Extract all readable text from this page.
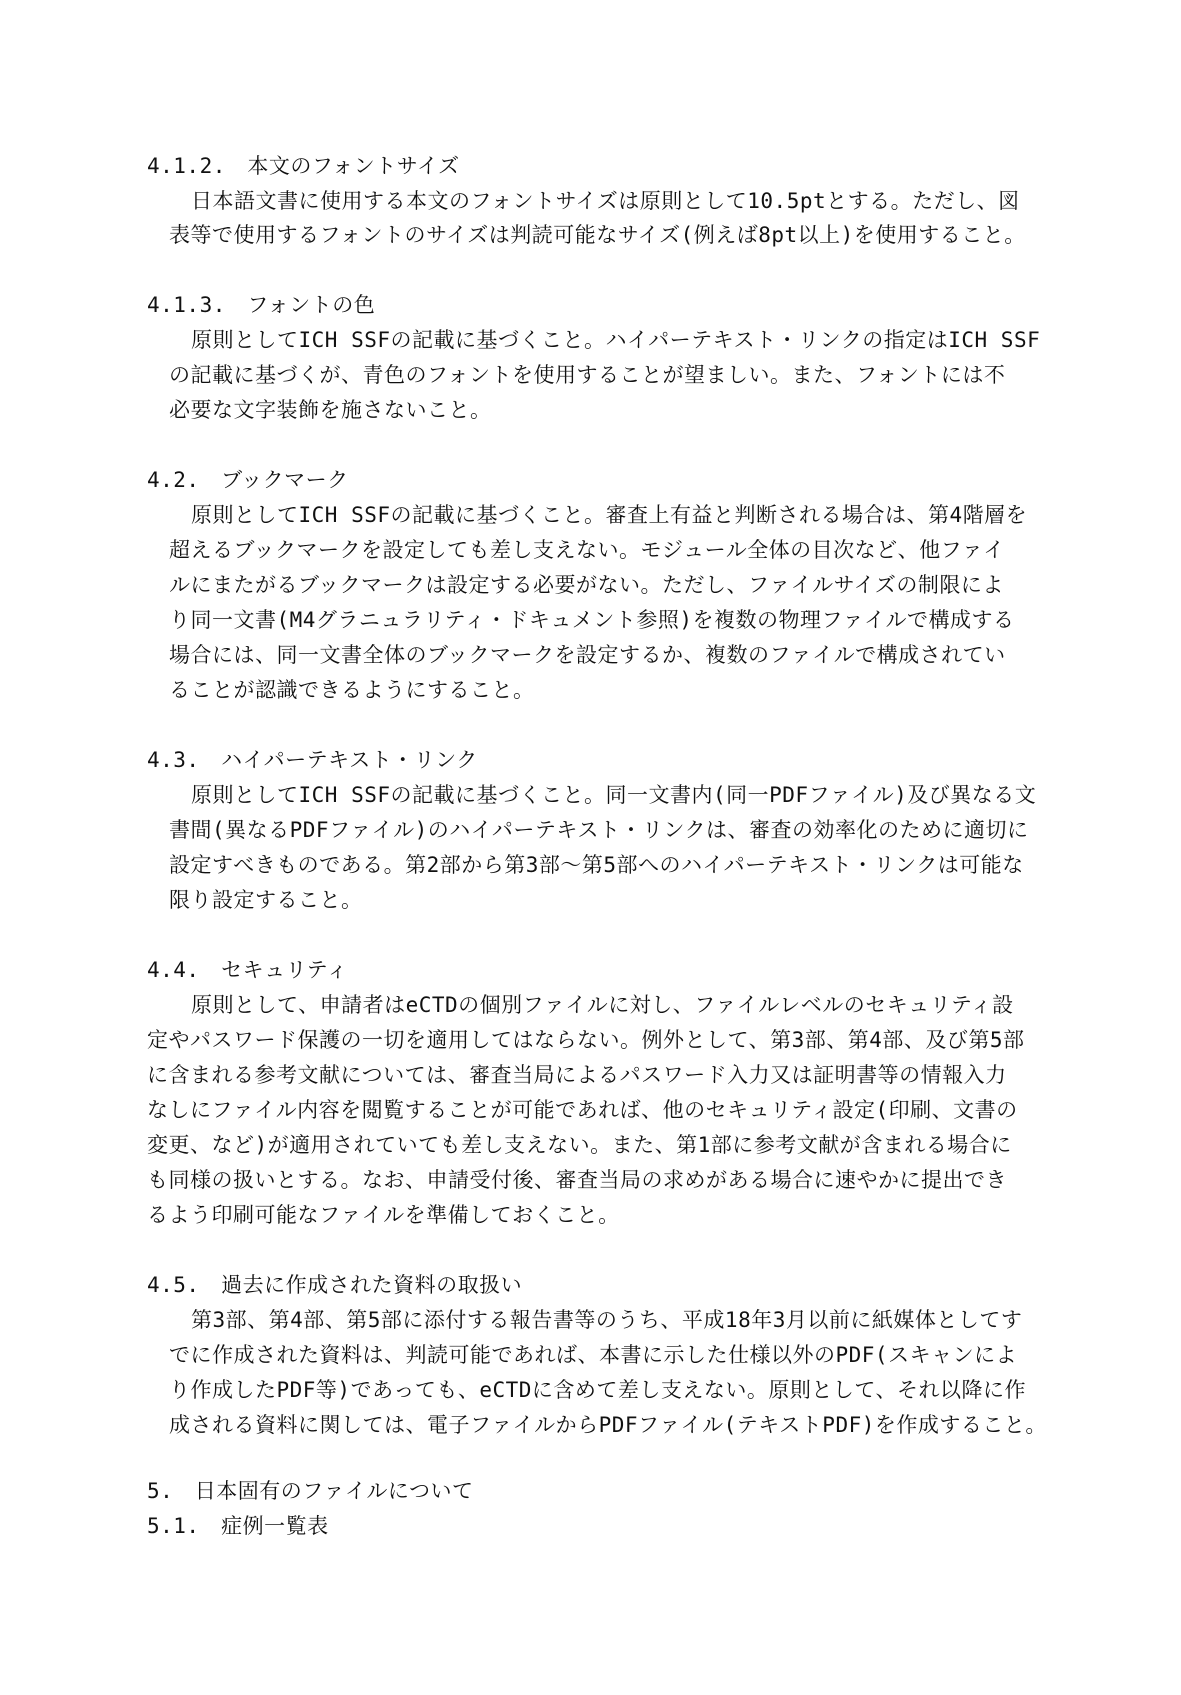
4.1.2.　本文のフォントサイズ
日本語文書に使用する本文のフォントサイズは原則として10.5ptとする。ただし、図
表等で使用するフォントのサイズは判読可能なサイズ(例えば8pt以上)を使用すること。
4.1.3.　フォントの色
原則としてICH SSFの記載に基づくこと。ハイパーテキスト・リンクの指定はICH SSF
の記載に基づくが、青色のフォントを使用することが望ましい。また、フォントには不
必要な文字装飾を施さないこと。
4.2.　ブックマーク
原則としてICH SSFの記載に基づくこと。審査上有益と判断される場合は、第4階層を
超えるブックマークを設定しても差し支えない。モジュール全体の目次など、他ファイ
ルにまたがるブックマークは設定する必要がない。ただし、ファイルサイズの制限によ
り同一文書(M4グラニュラリティ・ドキュメント参照)を複数の物理ファイルで構成する
場合には、同一文書全体のブックマークを設定するか、複数のファイルで構成されてい
ることが認識できるようにすること。
4.3.　ハイパーテキスト・リンク
原則としてICH SSFの記載に基づくこと。同一文書内(同一PDFファイル)及び異なる文
書間(異なるPDFファイル)のハイパーテキスト・リンクは、審査の効率化のために適切に
設定すべきものである。第2部から第3部～第5部へのハイパーテキスト・リンクは可能な
限り設定すること。
4.4.　セキュリティ
原則として、申請者はeCTDの個別ファイルに対し、ファイルレベルのセキュリティ設
定やパスワード保護の一切を適用してはならない。例外として、第3部、第4部、及び第5部
に含まれる参考文献については、審査当局によるパスワード入力又は証明書等の情報入力
なしにファイル内容を閲覧することが可能であれば、他のセキュリティ設定(印刷、文書の
変更、など)が適用されていても差し支えない。また、第1部に参考文献が含まれる場合に
も同様の扱いとする。なお、申請受付後、審査当局の求めがある場合に速やかに提出でき
るよう印刷可能なファイルを準備しておくこと。
4.5.　過去に作成された資料の取扱い
第3部、第4部、第5部に添付する報告書等のうち、平成18年3月以前に紙媒体としてす
でに作成された資料は、判読可能であれば、本書に示した仕様以外のPDF(スキャンによ
り作成したPDF等)であっても、eCTDに含めて差し支えない。原則として、それ以降に作
成される資料に関しては、電子ファイルからPDFファイル(テキストPDF)を作成すること。
5.　日本固有のファイルについて
5.1.　症例一覧表
